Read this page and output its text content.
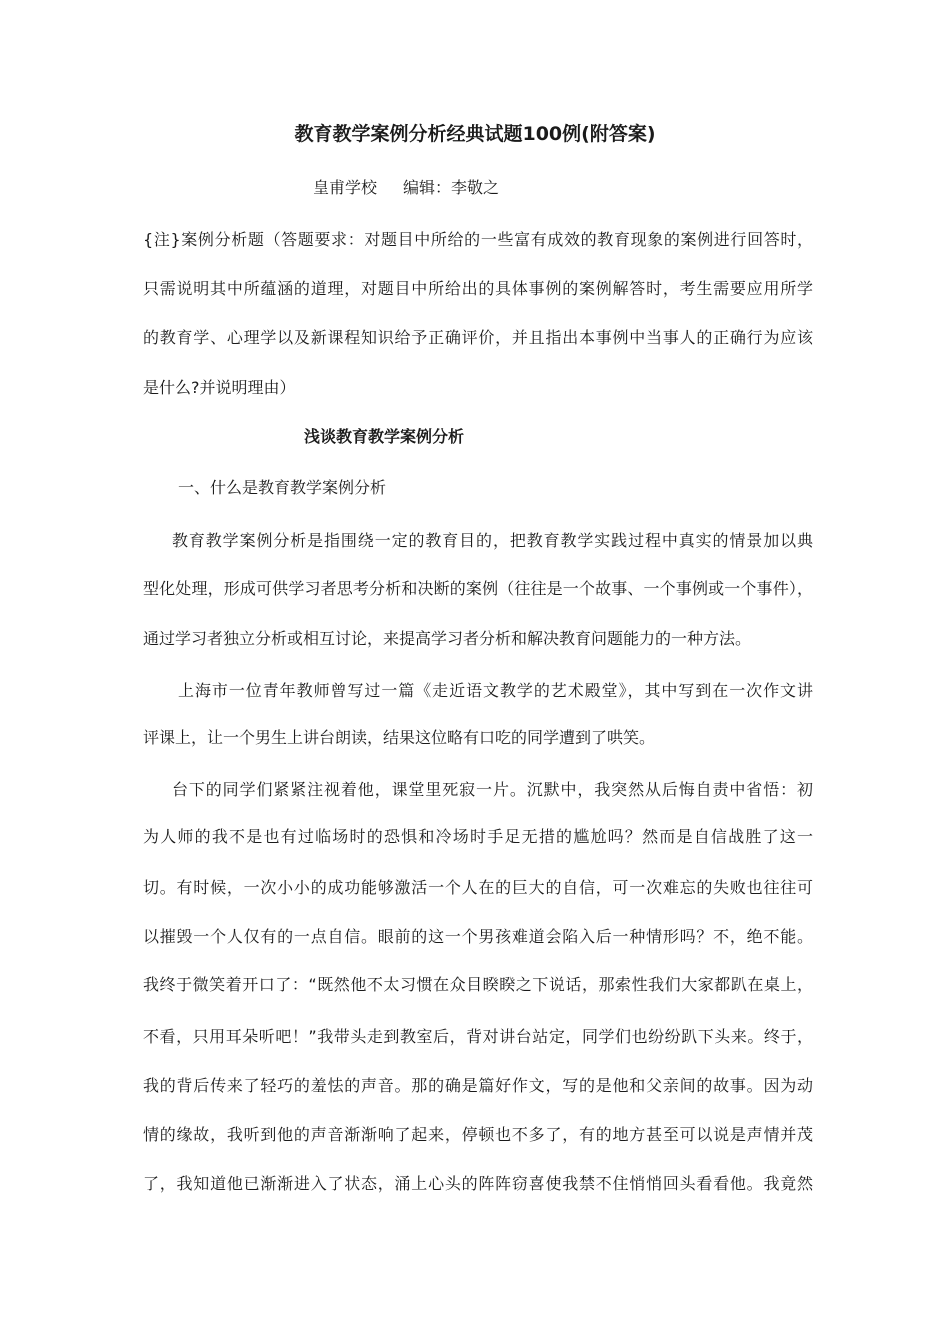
教育教学案例分析经典试题100例(附答案)
皇甫学校 编辑：李敬之
{注}案例分析题（答题要求：对题目中所给的一些富有成效的教育现象的案例进行回答时，
只需说明其中所蕴涵的道理，对题目中所给出的具体事例的案例解答时，考生需要应用所学
的教育学、心理学以及新课程知识给予正确评价，并且指出本事例中当事人的正确行为应该
是什么?并说明理由）
浅谈教育教学案例分析
一、什么是教育教学案例分析
教育教学案例分析是指围绕一定的教育目的，把教育教学实践过程中真实的情景加以典
型化处理，形成可供学习者思考分析和决断的案例（往往是一个故事、一个事例或一个事件），
通过学习者独立分析或相互讨论，来提高学习者分析和解决教育问题能力的一种方法。
上海市一位青年教师曾写过一篇《走近语文教学的艺术殿堂》，其中写到在一次作文讲
评课上，让一个男生上讲台朗读，结果这位略有口吃的同学遭到了哄笑。
台下的同学们紧紧注视着他，课堂里死寂一片。沉默中，我突然从后悔自责中省悟：初
为人师的我不是也有过临场时的恐惧和冷场时手足无措的尴尬吗？然而是自信战胜了这一
切。有时候，一次小小的成功能够激活一个人在的巨大的自信，可一次难忘的失败也往往可
以摧毁一个人仅有的一点自信。眼前的这一个男孩难道会陷入后一种情形吗？不，绝不能。
我终于微笑着开口了：“既然他不太习惯在众目睽睽之下说话，那索性我们大家都趴在桌上，
不看，只用耳朵听吧！”我带头走到教室后，背对讲台站定，同学们也纷纷趴下头来。终于，
我的背后传来了轻巧的羞怯的声音。那的确是篇好作文，写的是他和父亲间的故事。因为动
情的缘故，我听到他的声音渐渐响了起来，停顿也不多了，有的地方甚至可以说是声情并茂
了，我知道他已渐渐进入了状态，涌上心头的阵阵窃喜使我禁不住悄悄回头看看他。我竟然
